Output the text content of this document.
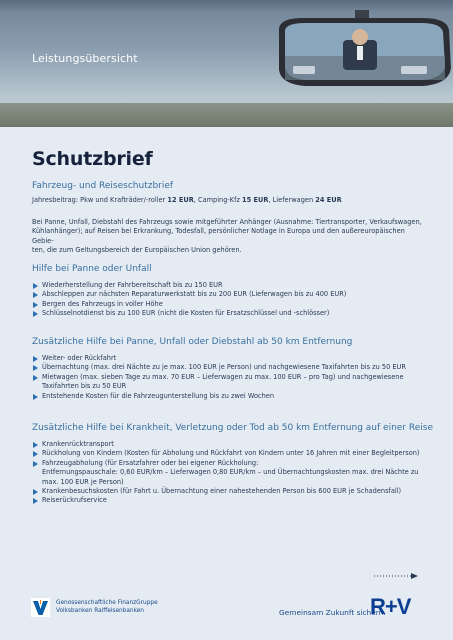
Leistungsübersicht
Schutzbrief
Fahrzeug- und Reiseschutzbrief
Jahresbeitrag: Pkw und Krafträder/-roller 12 EUR, Camping-Kfz 15 EUR, Lieferwagen 24 EUR
Bei Panne, Unfall, Diebstahl des Fahrzeugs sowie mitgeführter Anhänger (Ausnahme: Tiertransporter, Verkaufswagen,
Kühlanhänger); auf Reisen bei Erkrankung, Todesfall, persönlicher Notlage in Europa und den außereuropäischen Gebie-
ten, die zum Geltungsbereich der Europäischen Union gehören.
Hilfe bei Panne oder Unfall
Wiederherstellung der Fahrbereitschaft bis zu 150 EUR
Abschleppen zur nächsten Reparaturwerkstatt bis zu 200 EUR (Lieferwagen bis zu 400 EUR)
Bergen des Fahrzeugs in voller Höhe
Schlüsselnotdienst bis zu 100 EUR (nicht die Kosten für Ersatzschlüssel und -schlösser)
Zusätzliche Hilfe bei Panne, Unfall oder Diebstahl ab 50 km Entfernung
Weiter- oder Rückfahrt
Übernachtung (max. drei Nächte zu je max. 100 EUR je Person) und nachgewiesene Taxifahrten bis zu 50 EUR
Mietwagen (max. sieben Tage zu max. 70 EUR – Lieferwagen zu max. 100 EUR – pro Tag) und nachgewiesene
Taxifahrten bis zu 50 EUR
Entstehende Kosten für die Fahrzeugunterstellung bis zu zwei Wochen
Zusätzliche Hilfe bei Krankheit, Verletzung oder Tod ab 50 km Entfernung auf einer Reise
Krankenrücktransport
Rückholung von Kindern (Kosten für Abholung und Rückfahrt von Kindern unter 16 Jahren mit einer Begleitperson)
Fahrzeugabholung (für Ersatzfahrer oder bei eigener Rückholung:
Entfernungspauschale: 0,60 EUR/km – Lieferwagen 0,80 EUR/km – und Übernachtungskosten max. drei Nächte zu
max. 100 EUR je Person)
Krankenbesuchskosten (für Fahrt u. Übernachtung einer nahestehenden Person bis 600 EUR je Schadensfall)
Reiserückrufservice
Genossenschaftliche FinanzGruppe
Volksbanken Raiffeisenbanken	Gemeinsam Zukunft sichern.
R+V
